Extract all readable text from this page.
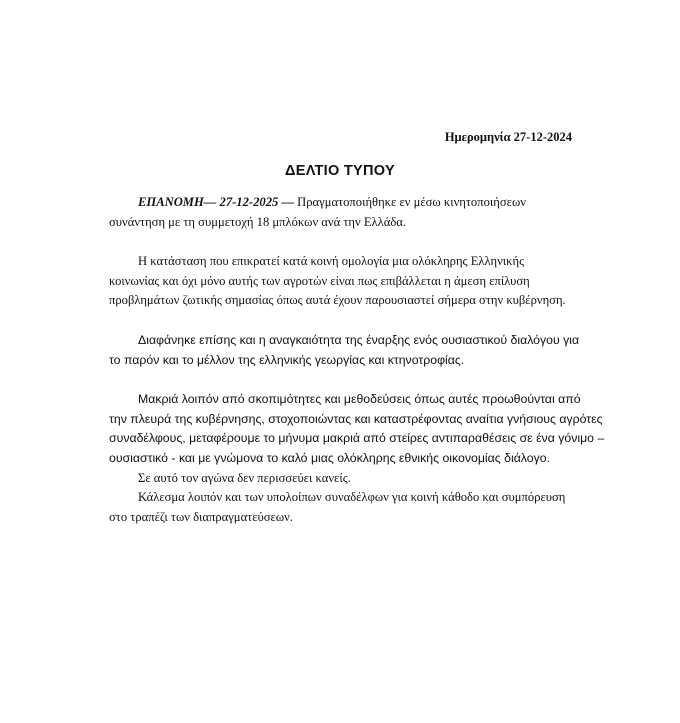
Ημερομηνία 27-12-2024
ΔΕΛΤΙΟ ΤΥΠΟΥ
ΕΠΑΝΟΜΗ— 27-12-2025 — Πραγματοποιήθηκε εν μέσω κινητοποιήσεων
συνάντηση με τη συμμετοχή 18 μπλόκων ανά την Ελλάδα.
Η κατάσταση που επικρατεί κατά κοινή ομολογία μια ολόκληρης Ελληνικής
κοινωνίας και όχι μόνο αυτής των αγροτών είναι πως επιβάλλεται η άμεση επίλυση
προβλημάτων ζωτικής σημασίας όπως αυτά έχουν παρουσιαστεί σήμερα στην κυβέρνηση.
Διαφάνηκε επίσης και η αναγκαιότητα της έναρξης ενός ουσιαστικού διαλόγου για
το παρόν και το μέλλον της ελληνικής γεωργίας και κτηνοτροφίας.
Μακριά λοιπόν από σκοπιμότητες και μεθοδεύσεις όπως αυτές προωθούνται από
την πλευρά της κυβέρνησης, στοχοποιώντας και καταστρέφοντας αναίτια γνήσιους αγρότες
συναδέλφους, μεταφέρουμε το μήνυμα μακριά από στείρες αντιπαραθέσεις σε ένα γόνιμο –
ουσιαστικό - και με γνώμονα το καλό μιας ολόκληρης εθνικής οικονομίας διάλογο.
Σε αυτό τον αγώνα δεν περισσεύει κανείς.
Κάλεσμα λοιπόν και των υπολοίπων συναδέλφων για κοινή κάθοδο και συμπόρευση
στο τραπέζι των διαπραγματεύσεων.
